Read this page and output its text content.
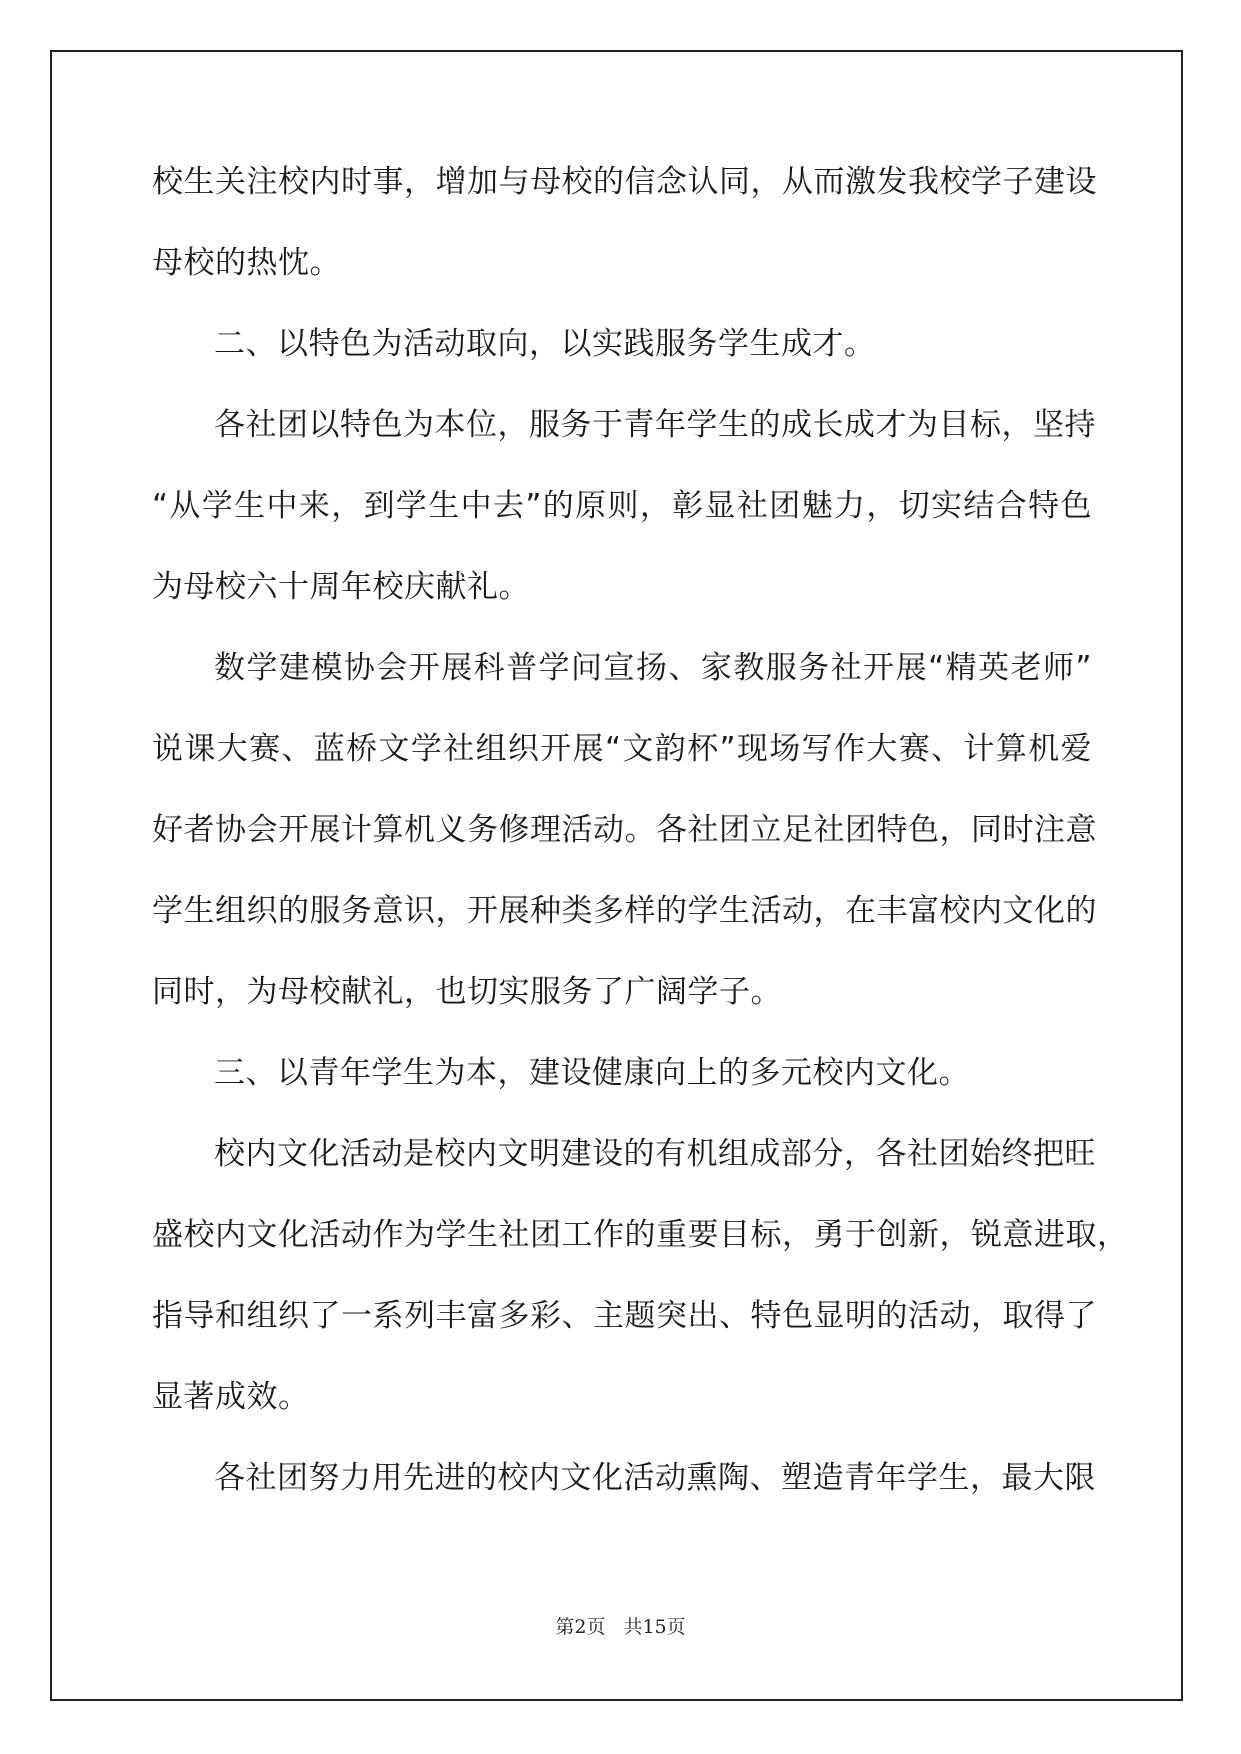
校生关注校内时事，增加与母校的信念认同，从而激发我校学子建设
母校的热忱。
二、以特色为活动取向，以实践服务学生成才。
各社团以特色为本位，服务于青年学生的成长成才为目标，坚持
“从学生中来，到学生中去”的原则，彰显社团魅力，切实结合特色
为母校六十周年校庆献礼。
数学建模协会开展科普学问宣扬、家教服务社开展“精英老师”
说课大赛、蓝桥文学社组织开展“文韵杯”现场写作大赛、计算机爱
好者协会开展计算机义务修理活动。各社团立足社团特色，同时注意
学生组织的服务意识，开展种类多样的学生活动，在丰富校内文化的
同时，为母校献礼，也切实服务了广阔学子。
三、以青年学生为本，建设健康向上的多元校内文化。
校内文化活动是校内文明建设的有机组成部分，各社团始终把旺
盛校内文化活动作为学生社团工作的重要目标，勇于创新，锐意进取，
指导和组织了一系列丰富多彩、主题突出、特色显明的活动，取得了
显著成效。
各社团努力用先进的校内文化活动熏陶、塑造青年学生，最大限
第2页 共15页
